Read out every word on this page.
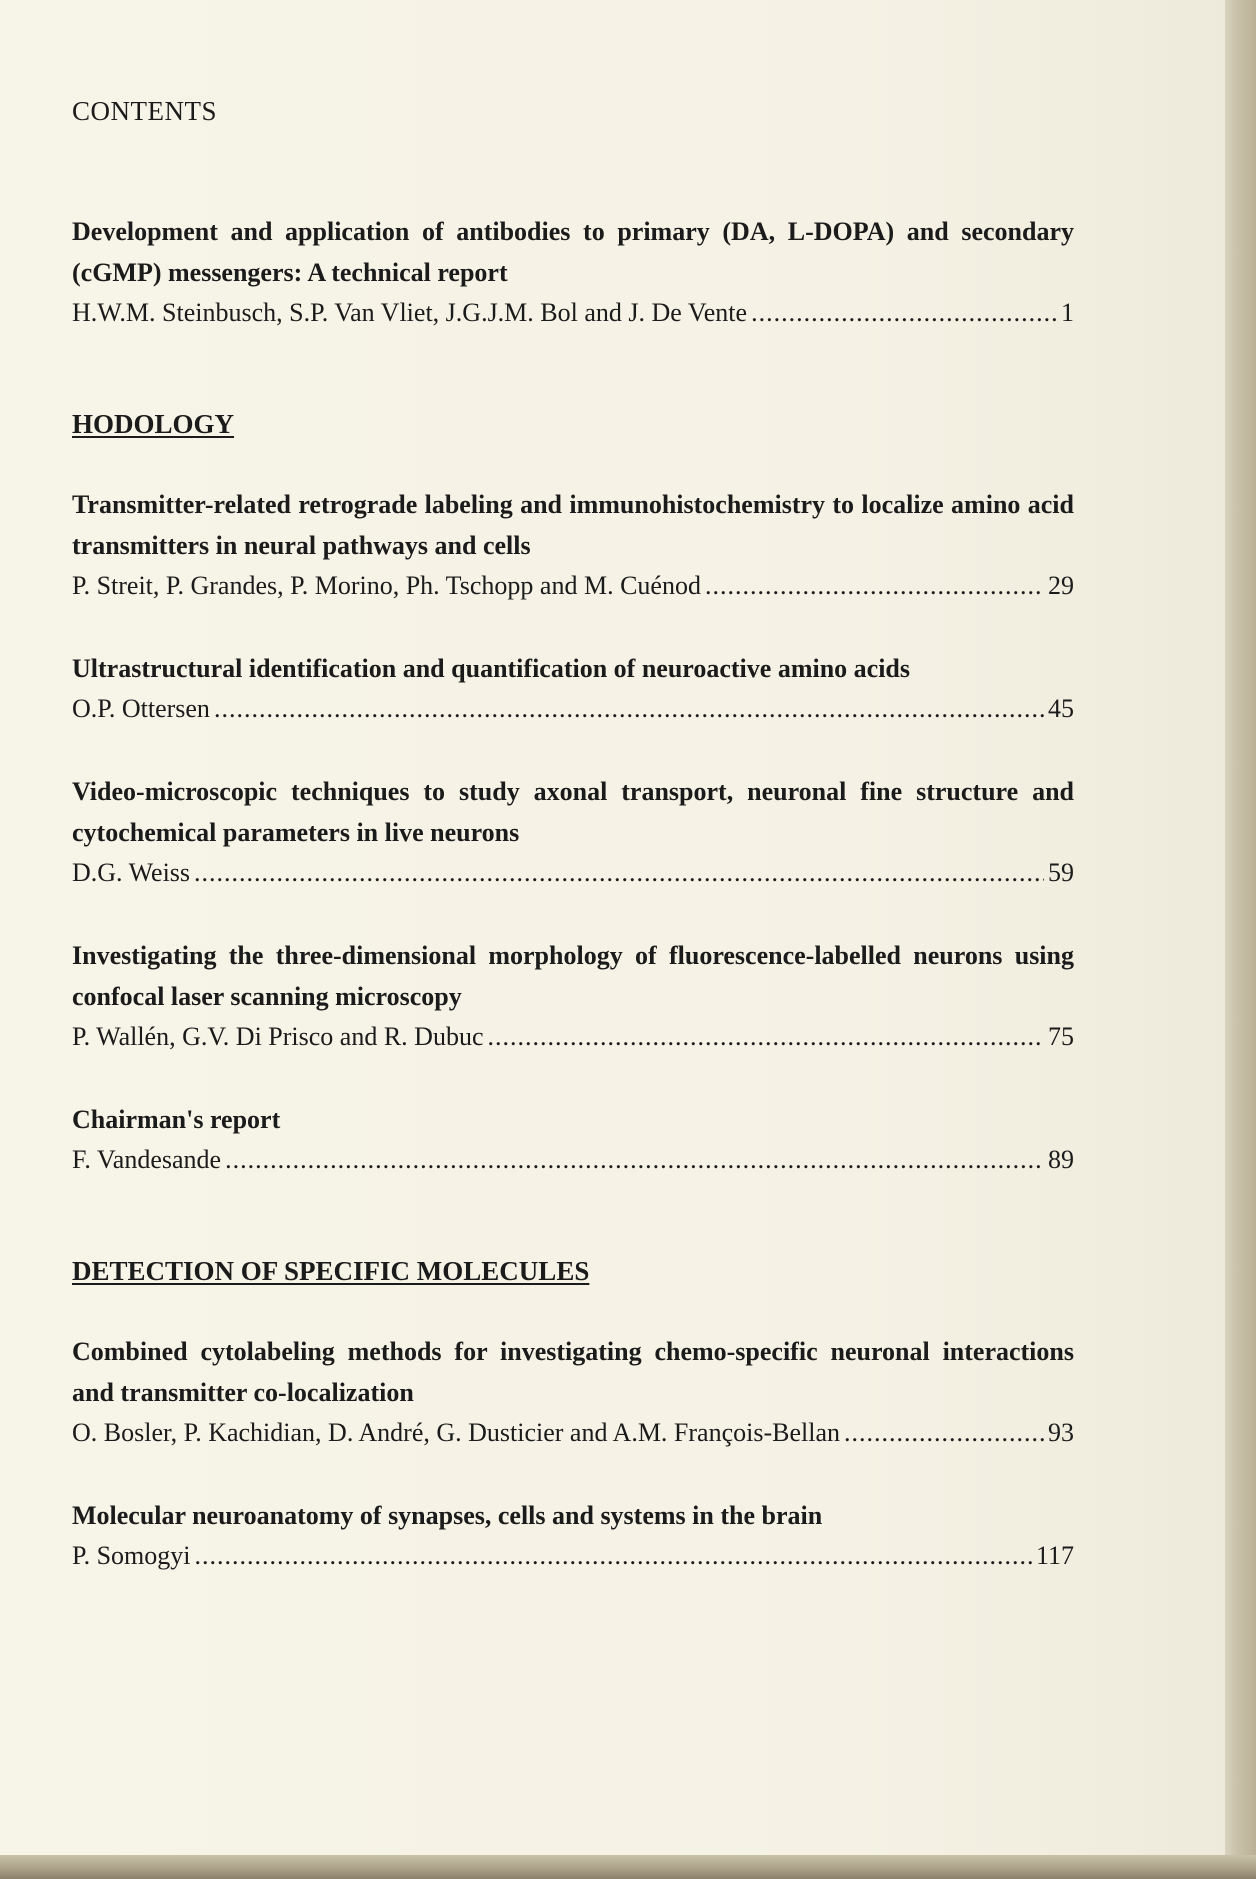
CONTENTS
Development and application of antibodies to primary (DA, L-DOPA) and secondary (cGMP) messengers: A technical report
H.W.M. Steinbusch, S.P. Van Vliet, J.G.J.M. Bol and J. De Vente .....	1
HODOLOGY
Transmitter-related retrograde labeling and immunohistochemistry to localize amino acid transmitters in neural pathways and cells
P. Streit, P. Grandes, P. Morino, Ph. Tschopp and M. Cuénod .....	29
Ultrastructural identification and quantification of neuroactive amino acids
O.P. Ottersen .....	45
Video-microscopic techniques to study axonal transport, neuronal fine structure and cytochemical parameters in live neurons
D.G. Weiss .....	59
Investigating the three-dimensional morphology of fluorescence-labelled neurons using confocal laser scanning microscopy
P. Wallén, G.V. Di Prisco and R. Dubuc .....	75
Chairman's report
F. Vandesande .....	89
DETECTION OF SPECIFIC MOLECULES
Combined cytolabeling methods for investigating chemo-specific neuronal interactions and transmitter co-localization
O. Bosler, P. Kachidian, D. André, G. Dusticier and A.M. François-Bellan .....	93
Molecular neuroanatomy of synapses, cells and systems in the brain
P. Somogyi .....	117
